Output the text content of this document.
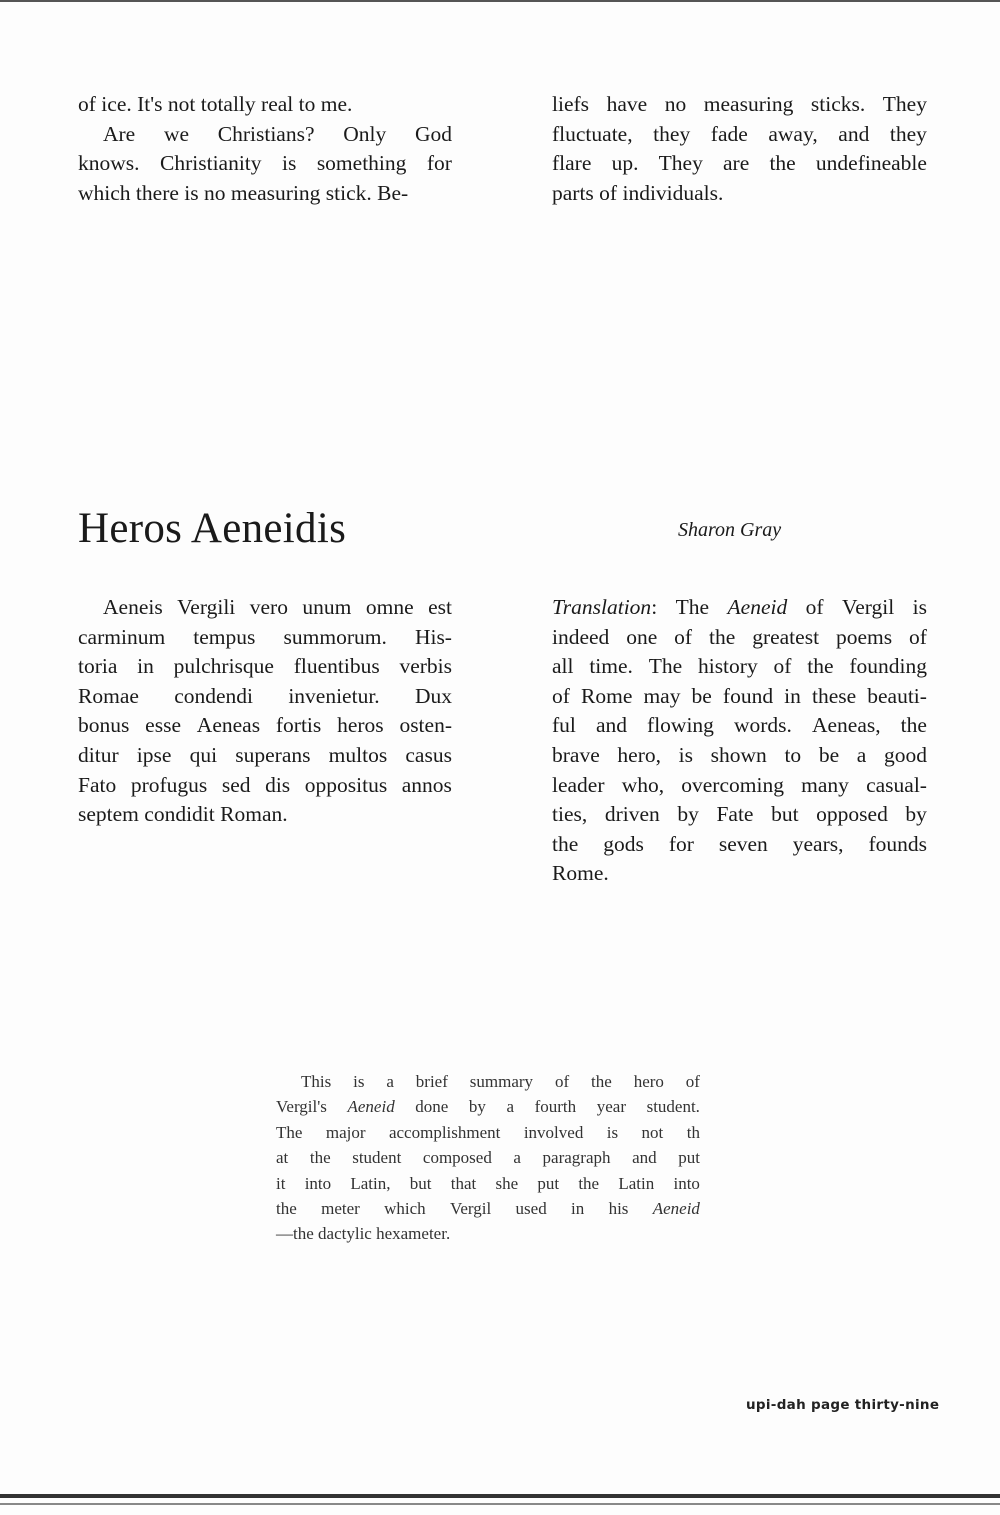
of ice. It's not totally real to me.
Are we Christians? Only God
knows. Christianity is something for
which there is no measuring stick. Be-
liefs have no measuring sticks. They
fluctuate, they fade away, and they
flare up. They are the undefineable
parts of individuals.
Heros Aeneidis	Sharon Gray
Aeneis Vergili vero unum omne est
carminum tempus summorum. His-
toria in pulchrisque fluentibus verbis
Romae condendi invenietur. Dux
bonus esse Aeneas fortis heros osten-
ditur ipse qui superans multos casus
Fato profugus sed dis oppositus annos
septem condidit Roman.
Translation: The Aeneid of Vergil is
indeed one of the greatest poems of
all time. The history of the founding
of Rome may be found in these beauti-
ful and flowing words. Aeneas, the
brave hero, is shown to be a good
leader who, overcoming many casual-
ties, driven by Fate but opposed by
the gods for seven years, founds
Rome.
This is a brief summary of the hero of
Vergil's Aeneid done by a fourth year student.
The major accomplishment involved is not th
at the student composed a paragraph and put
it into Latin, but that she put the Latin into
the meter which Vergil used in his Aeneid
—the dactylic hexameter.
upi-dah page thirty-nine
